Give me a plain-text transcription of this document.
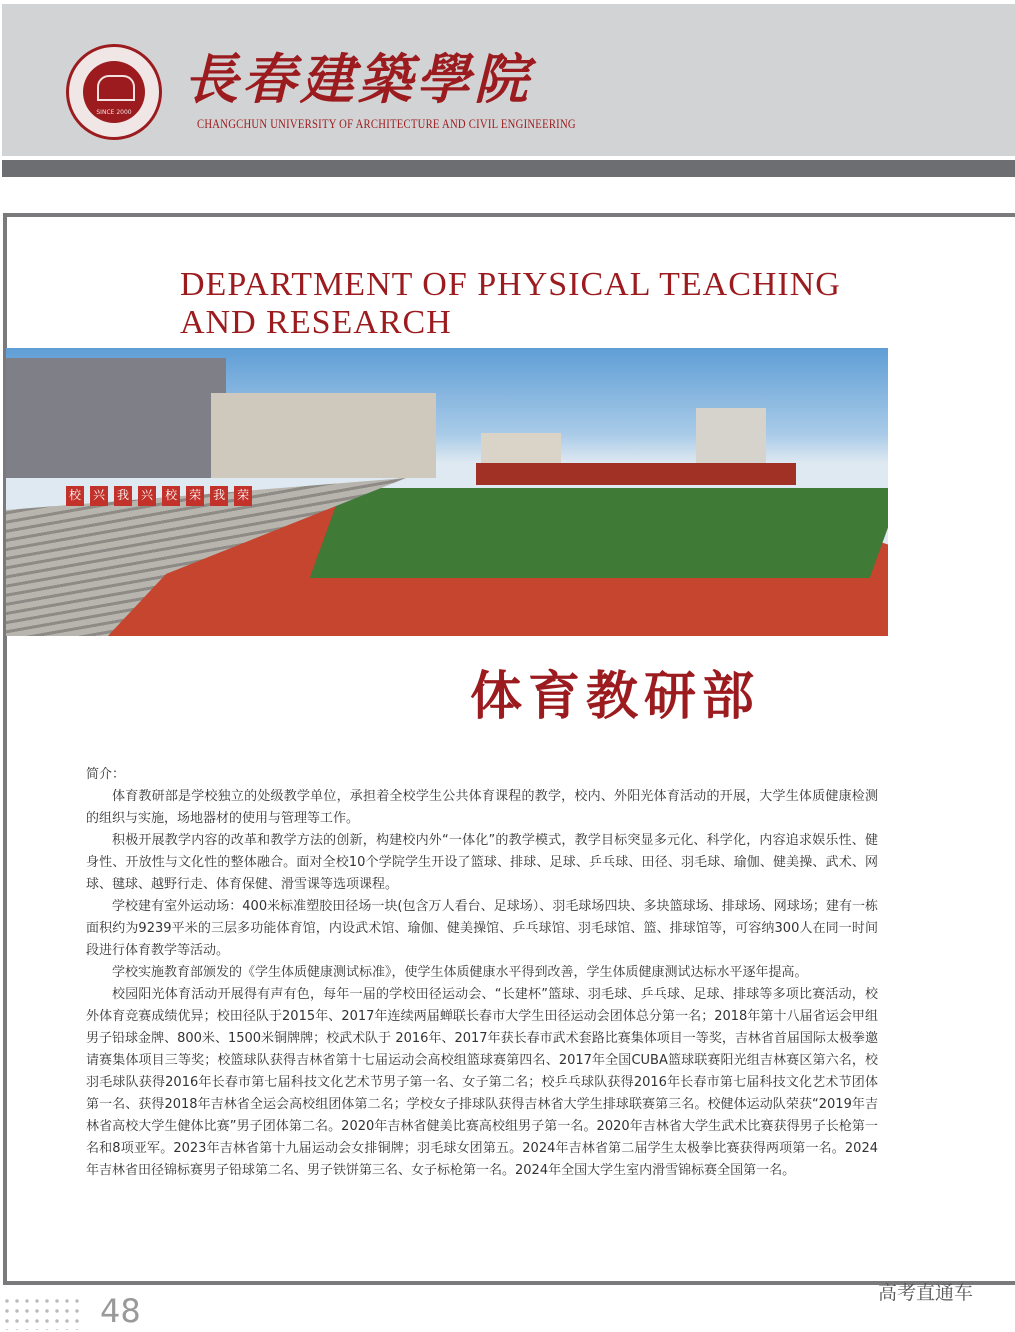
SINCE 2000
長春建築學院
CHANGCHUN UNIVERSITY OF ARCHITECTURE AND CIVIL ENGINEERING
DEPARTMENT OF PHYSICAL TEACHING
AND RESEARCH
校 兴 我 兴 校 荣 我 荣
体育教研部

简介：

体育教研部是学校独立的处级教学单位，承担着全校学生公共体育课程的教学，校内、外阳光体育活动的开展，大学生体质健康检测的组织与实施，场地器材的使用与管理等工作。

积极开展教学内容的改革和教学方法的创新，构建校内外“一体化”的教学模式，教学目标突显多元化、科学化，内容追求娱乐性、健身性、开放性与文化性的整体融合。面对全校10个学院学生开设了篮球、排球、足球、乒乓球、田径、羽毛球、瑜伽、健美操、武术、网球、毽球、越野行走、体育保健、滑雪课等选项课程。

学校建有室外运动场：400米标准塑胶田径场一块(包含万人看台、足球场）、羽毛球场四块、多块篮球场、排球场、网球场；建有一栋面积约为9239平米的三层多功能体育馆，内设武术馆、瑜伽、健美操馆、乒乓球馆、羽毛球馆、篮、排球馆等，可容纳300人在同一时间段进行体育教学等活动。

学校实施教育部颁发的《学生体质健康测试标准》，使学生体质健康水平得到改善，学生体质健康测试达标水平逐年提高。

校园阳光体育活动开展得有声有色，每年一届的学校田径运动会、“长建杯”篮球、羽毛球、乒乓球、足球、排球等多项比赛活动，校外体育竞赛成绩优异；校田径队于2015年、2017年连续两届蝉联长春市大学生田径运动会团体总分第一名；2018年第十八届省运会甲组男子铅球金牌、800米、1500米铜牌牌；校武术队于 2016年、2017年获长春市武术套路比赛集体项目一等奖，吉林省首届国际太极拳邀请赛集体项目三等奖；校篮球队获得吉林省第十七届运动会高校组篮球赛第四名、2017年全国CUBA篮球联赛阳光组吉林赛区第六名，校羽毛球队获得2016年长春市第七届科技文化艺术节男子第一名、女子第二名；校乒乓球队获得2016年长春市第七届科技文化艺术节团体第一名、获得2018年吉林省全运会高校组团体第二名；学校女子排球队获得吉林省大学生排球联赛第三名。校健体运动队荣获“2019年吉林省高校大学生健体比赛”男子团体第二名。2020年吉林省健美比赛高校组男子第一名。2020年吉林省大学生武术比赛获得男子长枪第一名和8项亚军。2023年吉林省第十九届运动会女排铜牌；羽毛球女团第五。2024年吉林省第二届学生太极拳比赛获得两项第一名。2024年吉林省田径锦标赛男子铅球第二名、男子铁饼第三名、女子标枪第一名。2024年全国大学生室内滑雪锦标赛全国第一名。

48	高考直通车
